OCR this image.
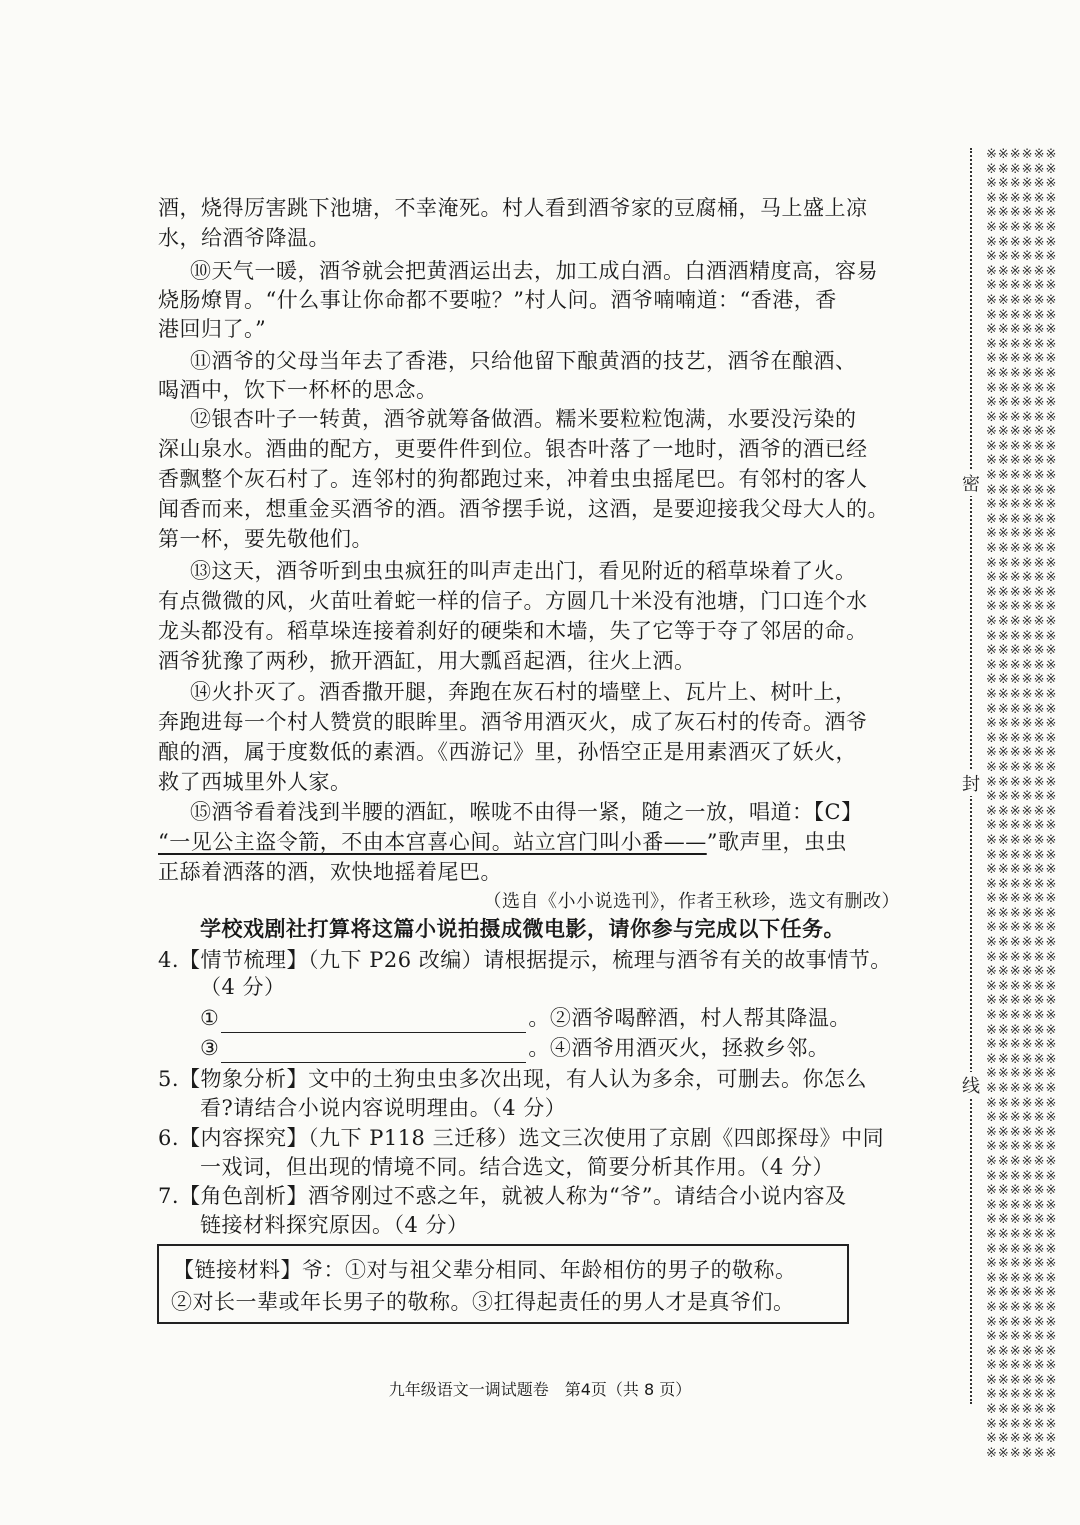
酒，烧得厉害跳下池塘，不幸淹死。村人看到酒爷家的豆腐桶，马上盛上凉
水，给酒爷降温。
⑩天气一暖，酒爷就会把黄酒运出去，加工成白酒。白酒酒精度高，容易
烧肠燎胃。“什么事让你命都不要啦？”村人问。酒爷喃喃道：“香港，香
港回归了。”
⑪酒爷的父母当年去了香港，只给他留下酿黄酒的技艺，酒爷在酿酒、
喝酒中，饮下一杯杯的思念。
⑫银杏叶子一转黄，酒爷就筹备做酒。糯米要粒粒饱满，水要没污染的
深山泉水。酒曲的配方，更要件件到位。银杏叶落了一地时，酒爷的酒已经
香飘整个灰石村了。连邻村的狗都跑过来，冲着虫虫摇尾巴。有邻村的客人
闻香而来，想重金买酒爷的酒。酒爷摆手说，这酒，是要迎接我父母大人的。
第一杯，要先敬他们。
⑬这天，酒爷听到虫虫疯狂的叫声走出门，看见附近的稻草垛着了火。
有点微微的风，火苗吐着蛇一样的信子。方圆几十米没有池塘，门口连个水
龙头都没有。稻草垛连接着刹好的硬柴和木墙，失了它等于夺了邻居的命。
酒爷犹豫了两秒，掀开酒缸，用大瓢舀起酒，往火上洒。
⑭火扑灭了。酒香撒开腿，奔跑在灰石村的墙壁上、瓦片上、树叶上，
奔跑进每一个村人赞赏的眼眸里。酒爷用酒灭火，成了灰石村的传奇。酒爷
酿的酒，属于度数低的素酒。《西游记》里，孙悟空正是用素酒灭了妖火，
救了西城里外人家。
⑮酒爷看着浅到半腰的酒缸，喉咙不由得一紧，随之一放，唱道：【C】
“一见公主盗令箭，不由本宫喜心间。站立宫门叫小番——”歌声里，虫虫
正舔着洒落的酒，欢快地摇着尾巴。
（选自《小小说选刊》，作者王秋珍，选文有删改）
学校戏剧社打算将这篇小说拍摄成微电影，请你参与完成以下任务。
4.【情节梳理】（九下 P26 改编）请根据提示，梳理与酒爷有关的故事情节。
（4 分）
①	。②酒爷喝醉酒，村人帮其降温。
③	。④酒爷用酒灭火，拯救乡邻。
5.【物象分析】文中的土狗虫虫多次出现，有人认为多余，可删去。你怎么
看?请结合小说内容说明理由。（4 分）
6.【内容探究】（九下 P118 三迁移）选文三次使用了京剧《四郎探母》中同
一戏词，但出现的情境不同。结合选文，简要分析其作用。（4 分）
7.【角色剖析】酒爷刚过不惑之年，就被人称为“爷”。请结合小说内容及
链接材料探究原因。（4 分）
【链接材料】爷：①对与祖父辈分相同、年龄相仿的男子的敬称。
②对长一辈或年长男子的敬称。③扛得起责任的男人才是真爷们。
九年级语文一调试题卷　第4页（共 8 页）
※※※※※※
※※※※※※
※※※※※※
※※※※※※
※※※※※※
※※※※※※
※※※※※※
※※※※※※
※※※※※※
※※※※※※
※※※※※※
※※※※※※
※※※※※※
※※※※※※
※※※※※※
※※※※※※
※※※※※※
※※※※※※
※※※※※※
※※※※※※
※※※※※※
※※※※※※
※※※※※※
※※※※※※
※※※※※※
※※※※※※
※※※※※※
※※※※※※
※※※※※※
※※※※※※
※※※※※※
※※※※※※
※※※※※※
※※※※※※
※※※※※※
※※※※※※
※※※※※※
※※※※※※
※※※※※※
※※※※※※
※※※※※※
※※※※※※
※※※※※※
※※※※※※
※※※※※※
※※※※※※
※※※※※※
※※※※※※
※※※※※※
※※※※※※
※※※※※※
※※※※※※
※※※※※※
※※※※※※
※※※※※※
※※※※※※
※※※※※※
※※※※※※
※※※※※※
※※※※※※
※※※※※※
※※※※※※
※※※※※※
※※※※※※
※※※※※※
※※※※※※
※※※※※※
※※※※※※
※※※※※※
※※※※※※
※※※※※※
※※※※※※
※※※※※※
※※※※※※
※※※※※※
※※※※※※
※※※※※※
※※※※※※
※※※※※※
※※※※※※
※※※※※※
※※※※※※
※※※※※※
※※※※※※
※※※※※※
※※※※※※
※※※※※※
※※※※※※
※※※※※※
※※※※※※
密
封
线
